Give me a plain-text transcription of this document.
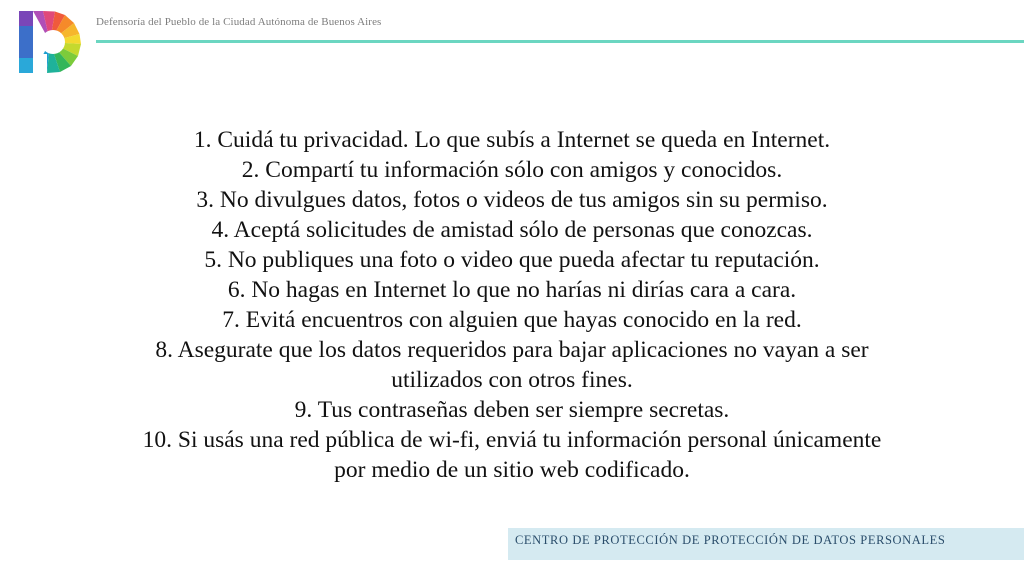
Defensoría del Pueblo de la Ciudad Autónoma de Buenos Aires
1. Cuidá tu privacidad. Lo que subís a Internet se queda en Internet.
2. Compartí tu información sólo con amigos y conocidos.
3. No divulgues datos, fotos o videos de tus amigos sin su permiso.
4. Aceptá solicitudes de amistad sólo de personas que conozcas.
5. No publiques una foto o video que pueda afectar tu reputación.
6. No hagas en Internet lo que no harías ni dirías cara a cara.
7. Evitá encuentros con alguien que hayas conocido en la red.
8. Asegurate que los datos requeridos para bajar aplicaciones no vayan a ser utilizados con otros fines.
9. Tus contraseñas deben ser siempre secretas.
10. Si usás una red pública de wi-fi, enviá tu información personal únicamente por medio de un sitio web codificado.
CENTRO DE PROTECCIÓN DE PROTECCIÓN DE DATOS PERSONALES
